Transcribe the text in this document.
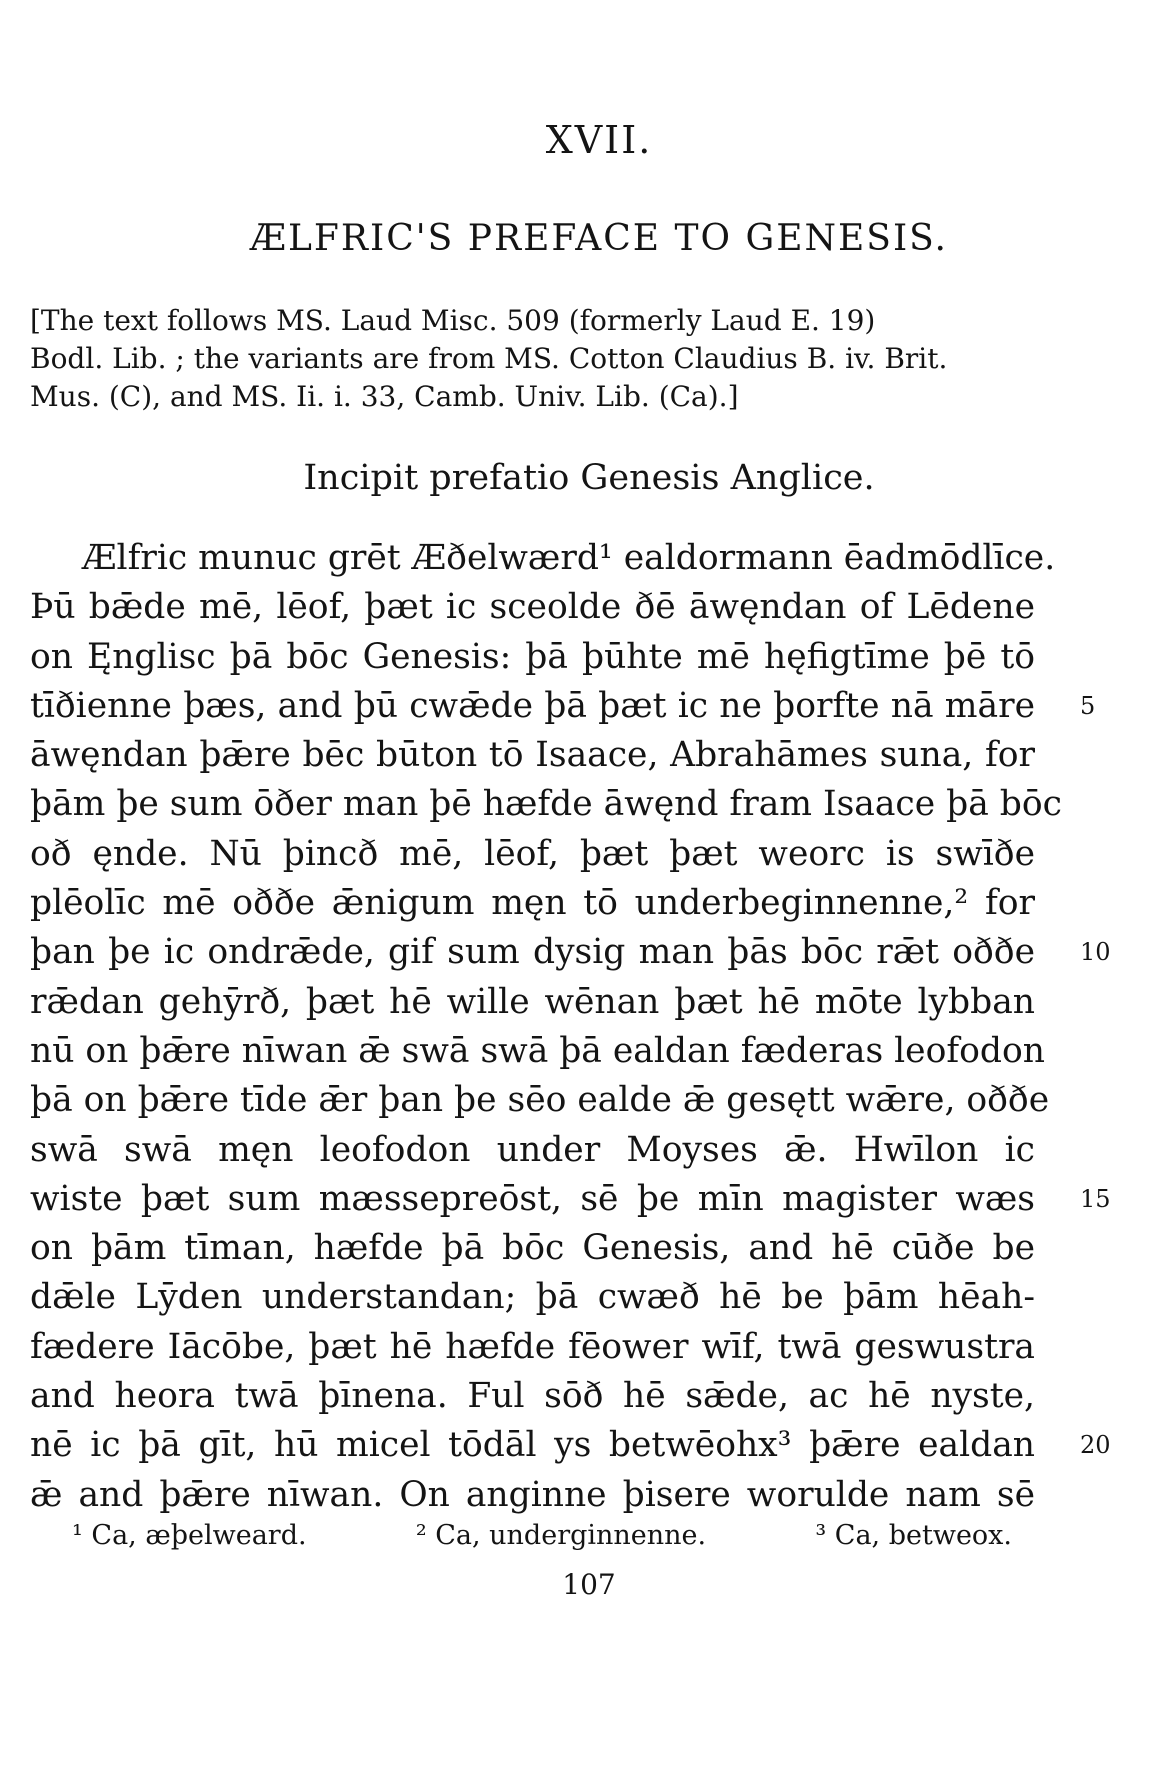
XVII.
ÆLFRIC'S PREFACE TO GENESIS.
[The text follows MS. Laud Misc. 509 (formerly Laud E. 19)
Bodl. Lib. ; the variants are from MS. Cotton Claudius B. iv. Brit.
Mus. (C), and MS. Ii. i. 33, Camb. Univ. Lib. (Ca).]
Incipit prefatio Genesis Anglice.
Ælfric munuc grēt Æðelwærd¹ ealdormann ēadmōdlīce.
Þū bǣde mē, lēof, þæt ic sceolde ðē āwęndan of Lēdene
on Ęnglisc þā bōc Genesis: þā þūhte mē hęfigtīme þē tō
tīðienne þæs, and þū cwǣde þā þæt ic ne þorfte nā māre 5
āwęndan þǣre bēc būton tō Isaace, Abrahāmes suna, for
þām þe sum ōðer man þē hæfde āwęnd fram Isaace þā bōc
oð ęnde. Nū þincð mē, lēof, þæt þæt weorc is swīðe
plēolīc mē oððe ǣnigum męn tō underbeginnenne,² for
þan þe ic ondrǣde, gif sum dysig man þās bōc rǣt oððe 10
rǣdan gehȳrð, þæt hē wille wēnan þæt hē mōte lybban
nū on þǣre nīwan ǣ swā swā þā ealdan fæderas leofodon
þā on þǣre tīde ǣr þan þe sēo ealde ǣ gesętt wǣre, oððe
swā swā męn leofodon under Moyses ǣ. Hwīlon ic
wiste þæt sum mæssepreōst, sē þe mīn magister wæs 15
on þām tīman, hæfde þā bōc Genesis, and hē cūðe be
dǣle Lȳden understandan; þā cwæð hē be þām hēah-
fædere Iācōbe, þæt hē hæfde fēower wīf, twā geswustra
and heora twā þīnena. Ful sōð hē sǣde, ac hē nyste,
nē ic þā gīt, hū micel tōdāl ys betwēohx³ þǣre ealdan 20
ǣ and þǣre nīwan. On anginne þisere worulde nam sē
¹ Ca, æþelweard.	² Ca, underginnenne.	³ Ca, betweox.
107
